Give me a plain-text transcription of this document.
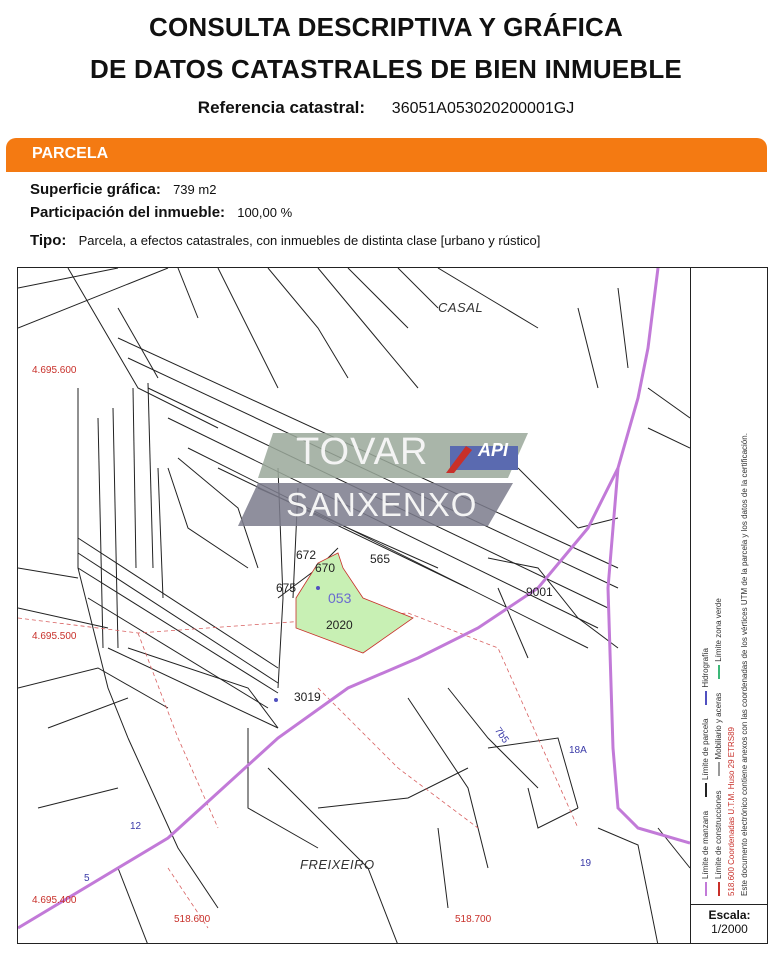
CONSULTA DESCRIPTIVA Y GRÁFICA
DE DATOS CATASTRALES DE BIEN INMUEBLE
Referencia catastral: 36051A053020200001GJ
PARCELA
Superficie gráfica: 739 m2
Participación del inmueble: 100,00 %
Tipo: Parcela, a efectos catastrales, con inmuebles de distinta clase [urbano y rústico]
TOVAR
SANXENXO
API
CASAL
FREIXEIRO
672
670
565
675
053
2020
9001
3019
12
5
18A
19
7b5
4.695.600
4.695.500
4.695.400
518.600	518.700
Límite de manzana
Límite de parcela
Hidrografía
Límite de construcciones
Mobiliario y aceras
Límite zona verde
518.600 Coordenadas U.T.M. Huso 29 ETRS89 Este documento electrónico contiene anexos con las coordenadas de los vértices UTM de la parcela y los datos de la certificación.
Escala:
1/2000
